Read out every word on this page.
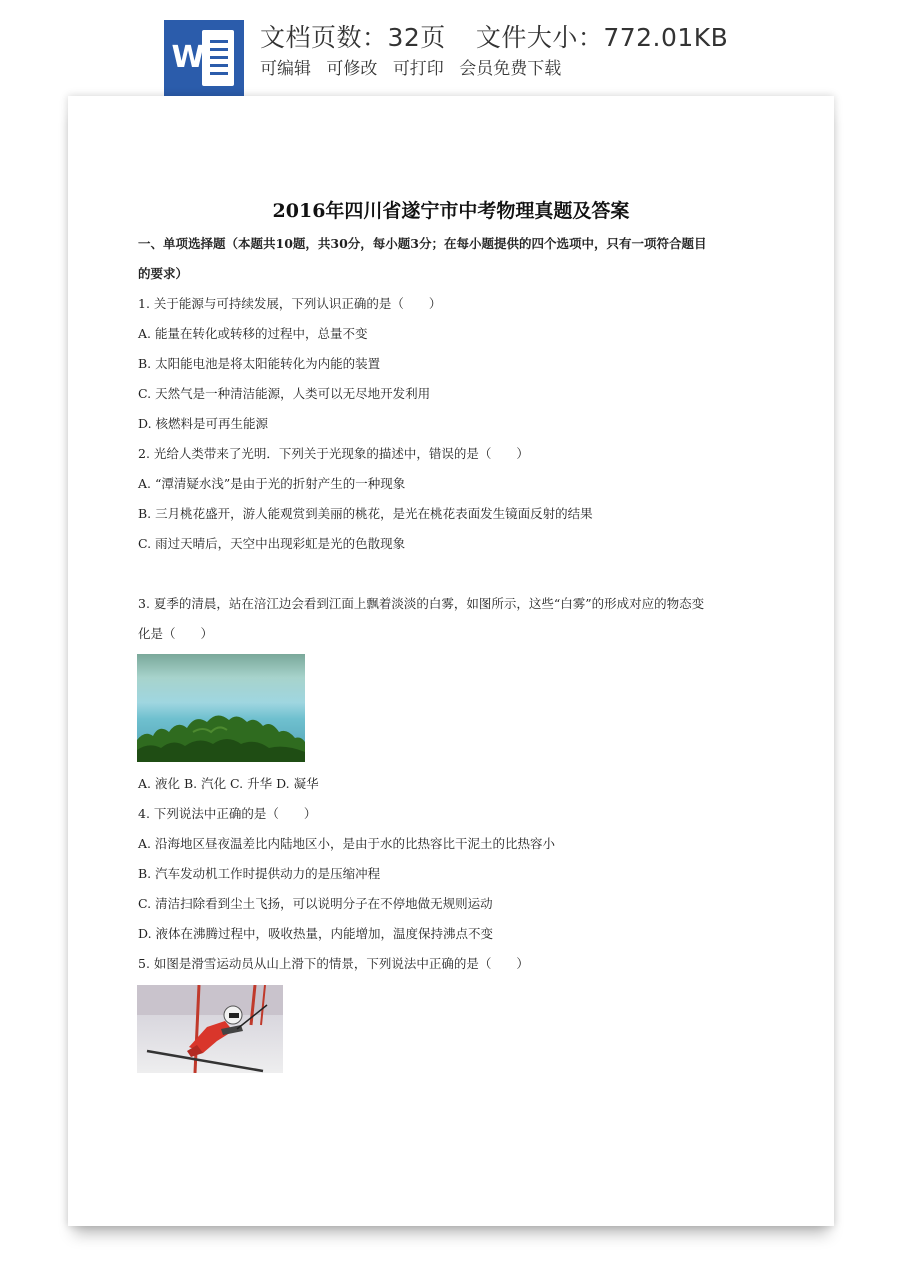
W
文档页数：32页 文件大小：772.01KB
可编辑 可修改 可打印 会员免费下载
2016年四川省遂宁市中考物理真题及答案
一、单项选择题（本题共10题，共30分，每小题3分；在每小题提供的四个选项中，只有一项符合题目
的要求）
1. 关于能源与可持续发展，下列认识正确的是（　　）
A. 能量在转化或转移的过程中，总量不变
B. 太阳能电池是将太阳能转化为内能的装置
C. 天然气是一种清洁能源，人类可以无尽地开发利用
D. 核燃料是可再生能源
2. 光给人类带来了光明．下列关于光现象的描述中，错误的是（　　）
A. “潭清疑水浅”是由于光的折射产生的一种现象
B. 三月桃花盛开，游人能观赏到美丽的桃花，是光在桃花表面发生镜面反射的结果
C. 雨过天晴后，天空中出现彩虹是光的色散现象
3. 夏季的清晨，站在涪江边会看到江面上飘着淡淡的白雾，如图所示，这些“白雾”的形成对应的物态变
化是（　　）
A. 液化 B. 汽化 C. 升华 D. 凝华
4. 下列说法中正确的是（　　）
A. 沿海地区昼夜温差比内陆地区小，是由于水的比热容比干泥土的比热容小
B. 汽车发动机工作时提供动力的是压缩冲程
C. 清洁扫除看到尘土飞扬，可以说明分子在不停地做无规则运动
D. 液体在沸腾过程中，吸收热量，内能增加，温度保持沸点不变
5. 如图是滑雪运动员从山上滑下的情景，下列说法中正确的是（　　）
